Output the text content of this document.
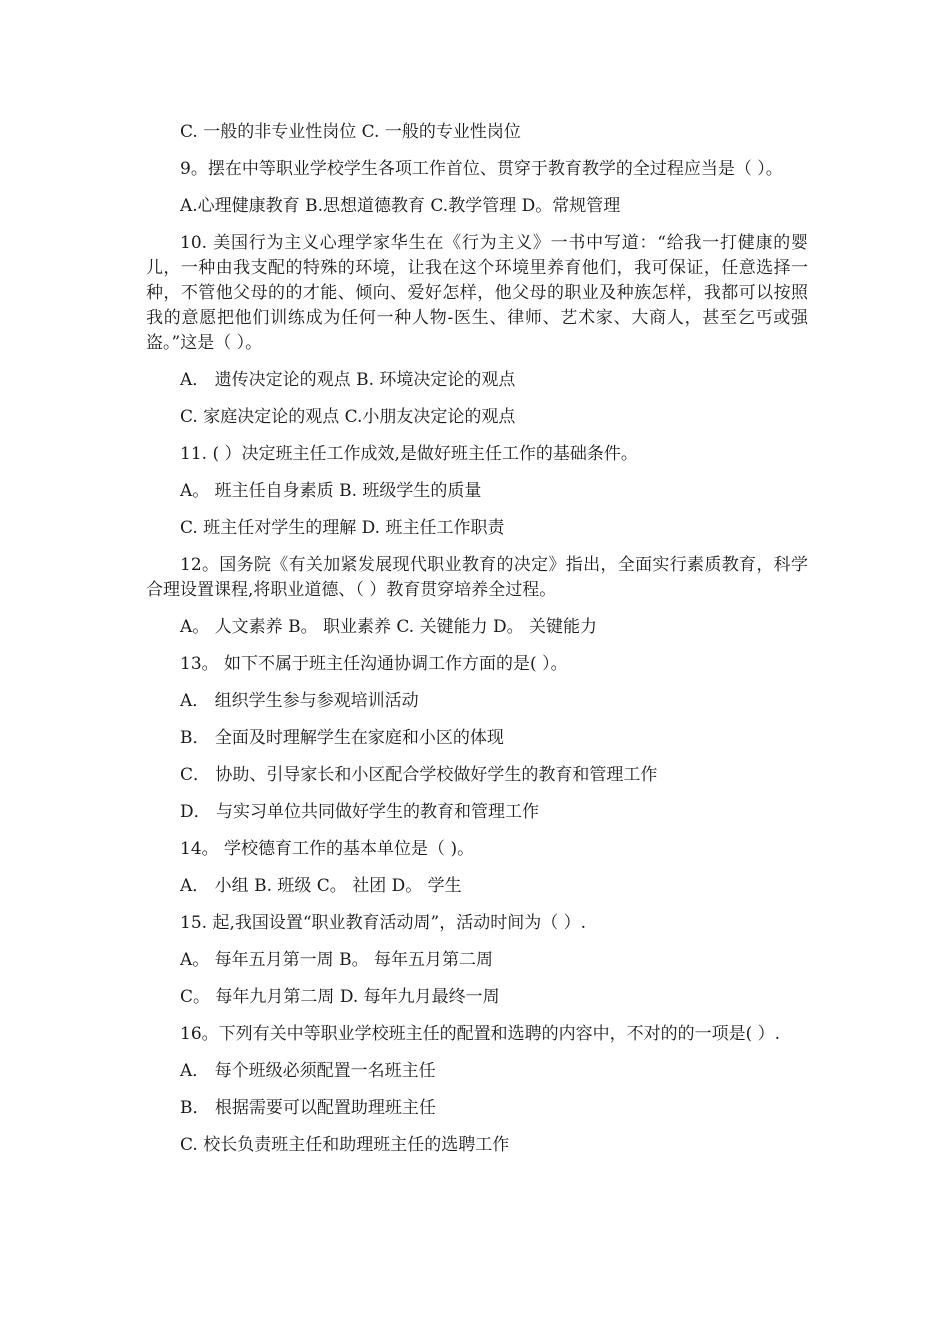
C. 一般的非专业性岗位 C. 一般的专业性岗位

9。摆在中等职业学校学生各项工作首位、贯穿于教育教学的全过程应当是（ ）。

A.心理健康教育 B.思想道德教育 C.教学管理 D。常规管理

10. 美国行为主义心理学家华生在《行为主义》一书中写道：“给我一打健康的婴儿，一种由我支配的特殊的环境，让我在这个环境里养育他们，我可保证，任意选择一种，不管他父母的的才能、倾向、爱好怎样，他父母的职业及种族怎样，我都可以按照我的意愿把他们训练成为任何一种人物-医生、律师、艺术家、大商人，甚至乞丐或强盗。”这是（ ）。

A． 遗传决定论的观点 B. 环境决定论的观点

C. 家庭决定论的观点 C.小朋友决定论的观点

11. ( ）决定班主任工作成效,是做好班主任工作的基础条件。

A。 班主任自身素质 B. 班级学生的质量

C. 班主任对学生的理解 D. 班主任工作职责

12。国务院《有关加紧发展现代职业教育的决定》指出，全面实行素质教育，科学合理设置课程,将职业道德、（ ）教育贯穿培养全过程。

A。 人文素养 B。 职业素养 C. 关键能力 D。 关键能力

13。 如下不属于班主任沟通协调工作方面的是( ）。

A． 组织学生参与参观培训活动

B． 全面及时理解学生在家庭和小区的体现

C． 协助、引导家长和小区配合学校做好学生的教育和管理工作

D． 与实习单位共同做好学生的教育和管理工作

14。 学校德育工作的基本单位是（ )。

A． 小组 B. 班级 C。 社团 D。 学生

15. 起,我国设置“职业教育活动周”，活动时间为（ ）.

A。 每年五月第一周 B。 每年五月第二周

C。 每年九月第二周 D. 每年九月最终一周

16。下列有关中等职业学校班主任的配置和选聘的内容中，不对的的一项是( ）.

A． 每个班级必须配置一名班主任

B． 根据需要可以配置助理班主任

C. 校长负责班主任和助理班主任的选聘工作
